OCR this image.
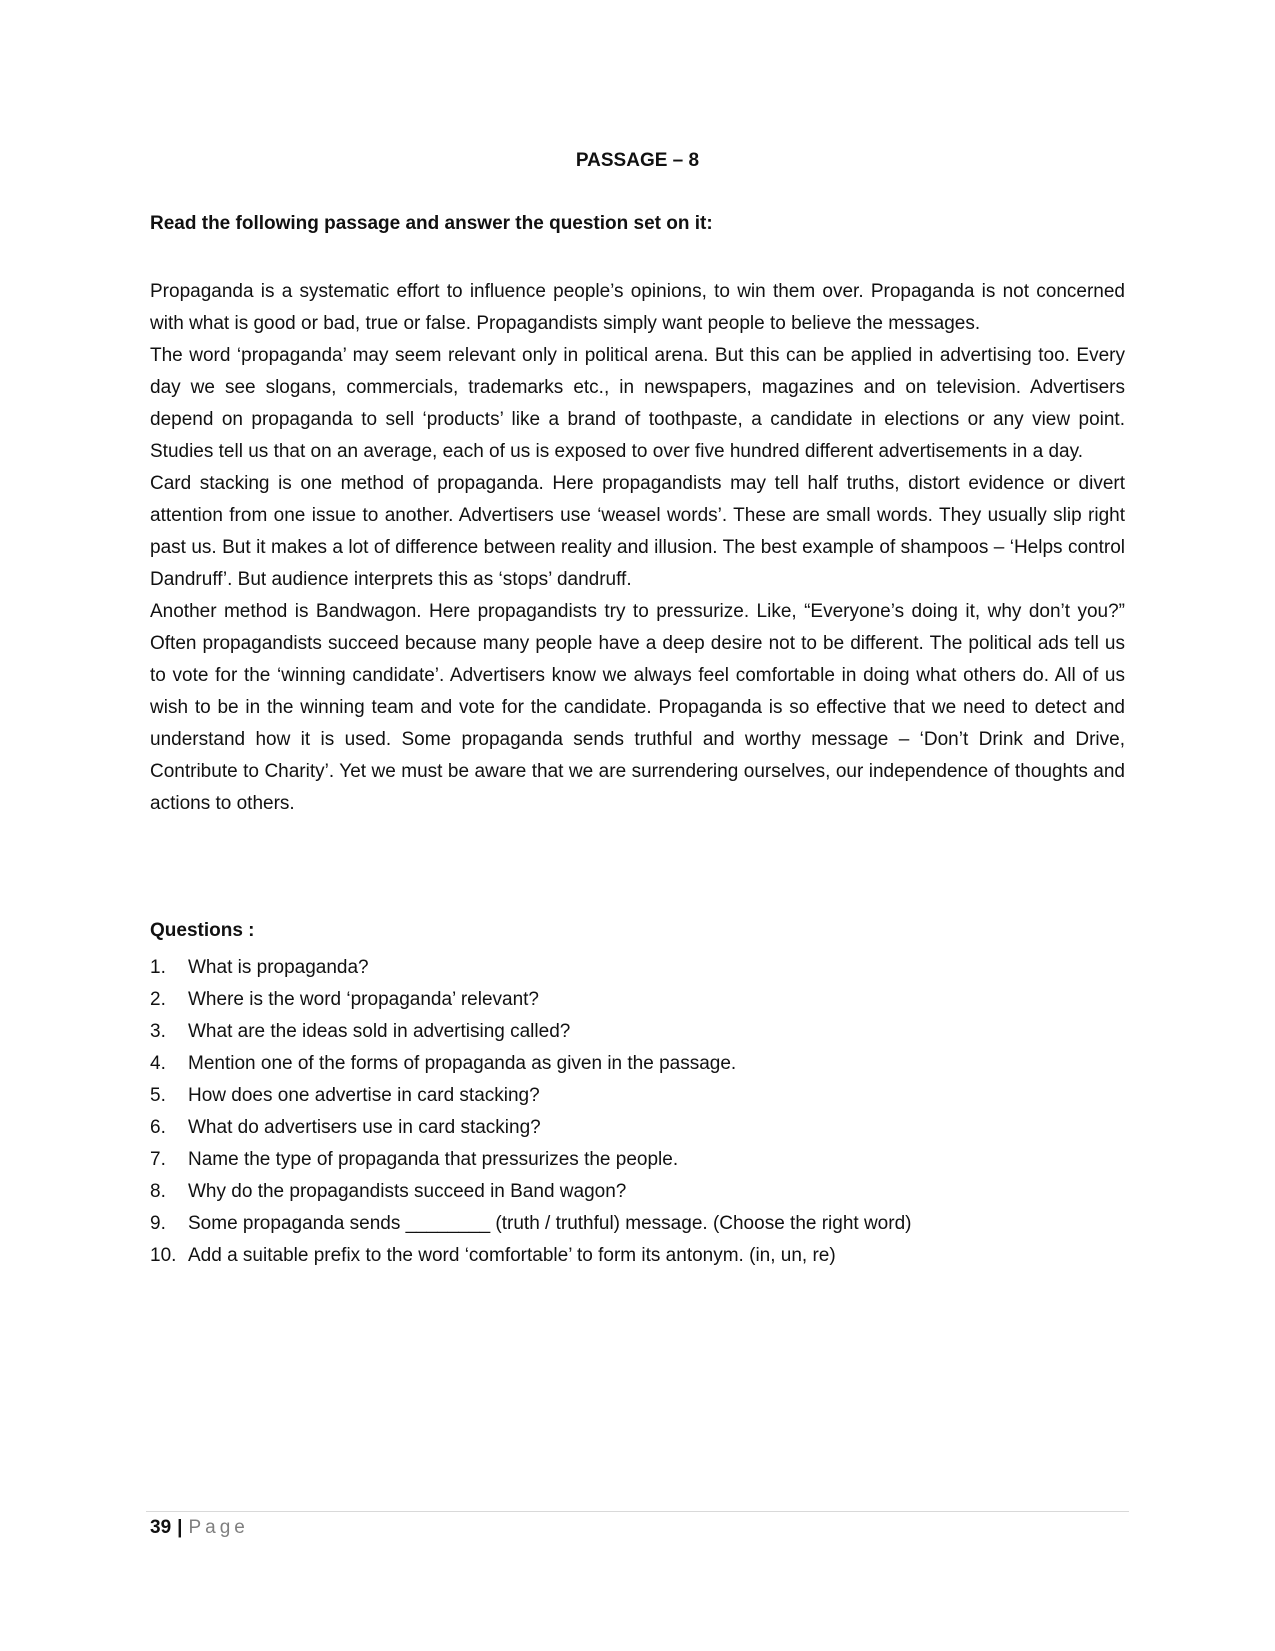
PASSAGE – 8
Read the following passage and answer the question set on it:

Propaganda is a systematic effort to influence people’s opinions, to win them over. Propaganda is not concerned with what is good or bad, true or false. Propagandists simply want people to believe the messages.

The word ‘propaganda’ may seem relevant only in political arena. But this can be applied in advertising too. Every day we see slogans, commercials, trademarks etc., in newspapers, magazines and on television. Advertisers depend on propaganda to sell ‘products’ like a brand of toothpaste, a candidate in elections or any view point. Studies tell us that on an average, each of us is exposed to over five hundred different advertisements in a day.

Card stacking is one method of propaganda. Here propagandists may tell half truths, distort evidence or divert attention from one issue to another. Advertisers use ‘weasel words’. These are small words. They usually slip right past us. But it makes a lot of difference between reality and illusion. The best example of shampoos – ‘Helps control Dandruff’. But audience interprets this as ‘stops’ dandruff.

Another method is Bandwagon. Here propagandists try to pressurize. Like, “Everyone’s doing it, why don’t you?” Often propagandists succeed because many people have a deep desire not to be different. The political ads tell us to vote for the ‘winning candidate’. Advertisers know we always feel comfortable in doing what others do. All of us wish to be in the winning team and vote for the candidate. Propaganda is so effective that we need to detect and understand how it is used. Some propaganda sends truthful and worthy message – ‘Don’t Drink and Drive, Contribute to Charity’. Yet we must be aware that we are surrendering ourselves, our independence of thoughts and actions to others.

Questions :
1.	What is propaganda?
2.	Where is the word ‘propaganda’ relevant?
3.	What are the ideas sold in advertising called?
4.	Mention one of the forms of propaganda as given in the passage.
5.	How does one advertise in card stacking?
6.	What do advertisers use in card stacking?
7.	Name the type of propaganda that pressurizes the people.
8.	Why do the propagandists succeed in Band wagon?
9.	Some propaganda sends ________ (truth / truthful) message. (Choose the right word)
10. Add a suitable prefix to the word ‘comfortable’ to form its antonym. (in, un, re)
39 | Page
